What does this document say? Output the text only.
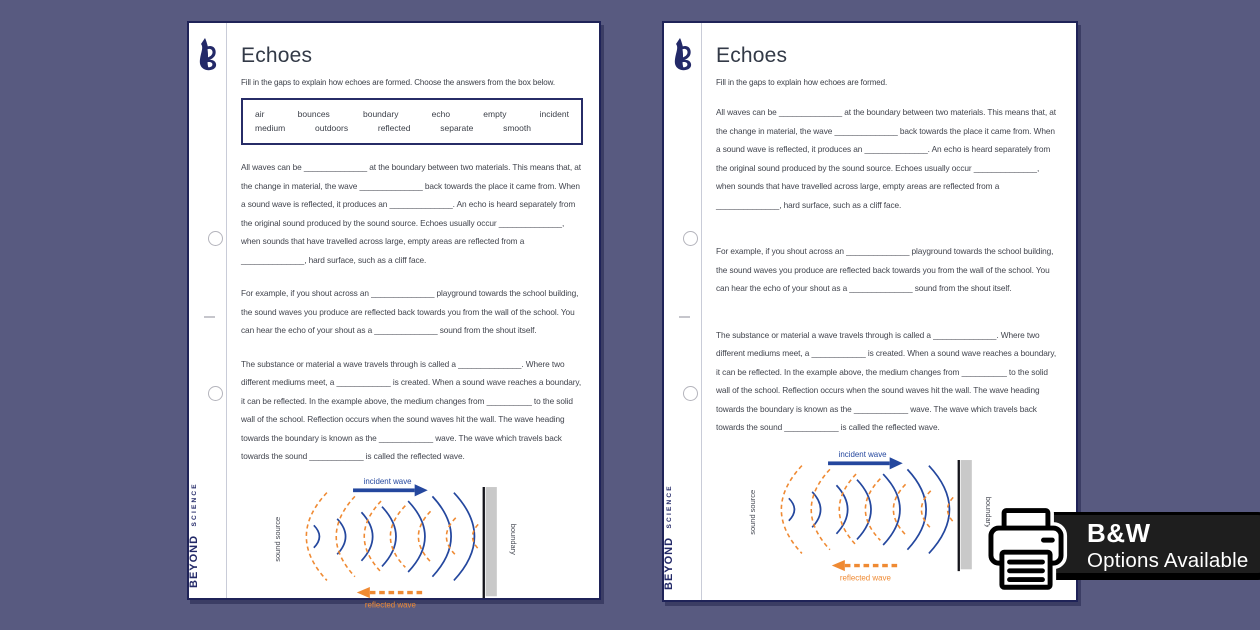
BEYOND SCIENCE
Echoes
Fill in the gaps to explain how echoes are formed. Choose the answers from the box below.
air	bounces	boundary	echo	empty	incident
medium	outdoors	reflected	separate	smooth

All waves can be ______________ at the boundary between two materials. This means that, at the change in material, the wave ______________ back towards the place it came from. When a sound wave is reflected, it produces an ______________. An echo is heard separately from the original sound produced by the sound source. Echoes usually occur ______________, when sounds that have travelled across large, empty areas are reflected from a ______________, hard surface, such as a cliff face.

For example, if you shout across an ______________ playground towards the school building, the sound waves you produce are reflected back towards you from the wall of the school. You can hear the echo of your shout as a ______________ sound from the shout itself.

The substance or material a wave travels through is called a ______________. Where two different mediums meet, a ____________ is created. When a sound wave reaches a boundary, it can be reflected. In the example above, the medium changes from __________ to the solid wall of the school. Reflection occurs when the sound waves hit the wall. The wave heading towards the boundary is known as the ____________ wave. The wave which travels back towards the sound ____________ is called the reflected wave.

incident wave
reflected wave
sound source	boundary	BEYOND SCIENCE
Echoes
Fill in the gaps to explain how echoes are formed.

All waves can be ______________ at the boundary between two materials. This means that, at the change in material, the wave ______________ back towards the place it came from. When a sound wave is reflected, it produces an ______________. An echo is heard separately from the original sound produced by the sound source. Echoes usually occur ______________, when sounds that have travelled across large, empty areas are reflected from a ______________, hard surface, such as a cliff face.

For example, if you shout across an ______________ playground towards the school building, the sound waves you produce are reflected back towards you from the wall of the school. You can hear the echo of your shout as a ______________ sound from the shout itself.

The substance or material a wave travels through is called a ______________. Where two different mediums meet, a ____________ is created. When a sound wave reaches a boundary, it can be reflected. In the example above, the medium changes from __________ to the solid wall of the school. Reflection occurs when the sound waves hit the wall. The wave heading towards the boundary is known as the ____________ wave. The wave which travels back towards the sound ____________ is called the reflected wave.

incident wave
reflected wave
sound source	boundary
B&W
Options Available
